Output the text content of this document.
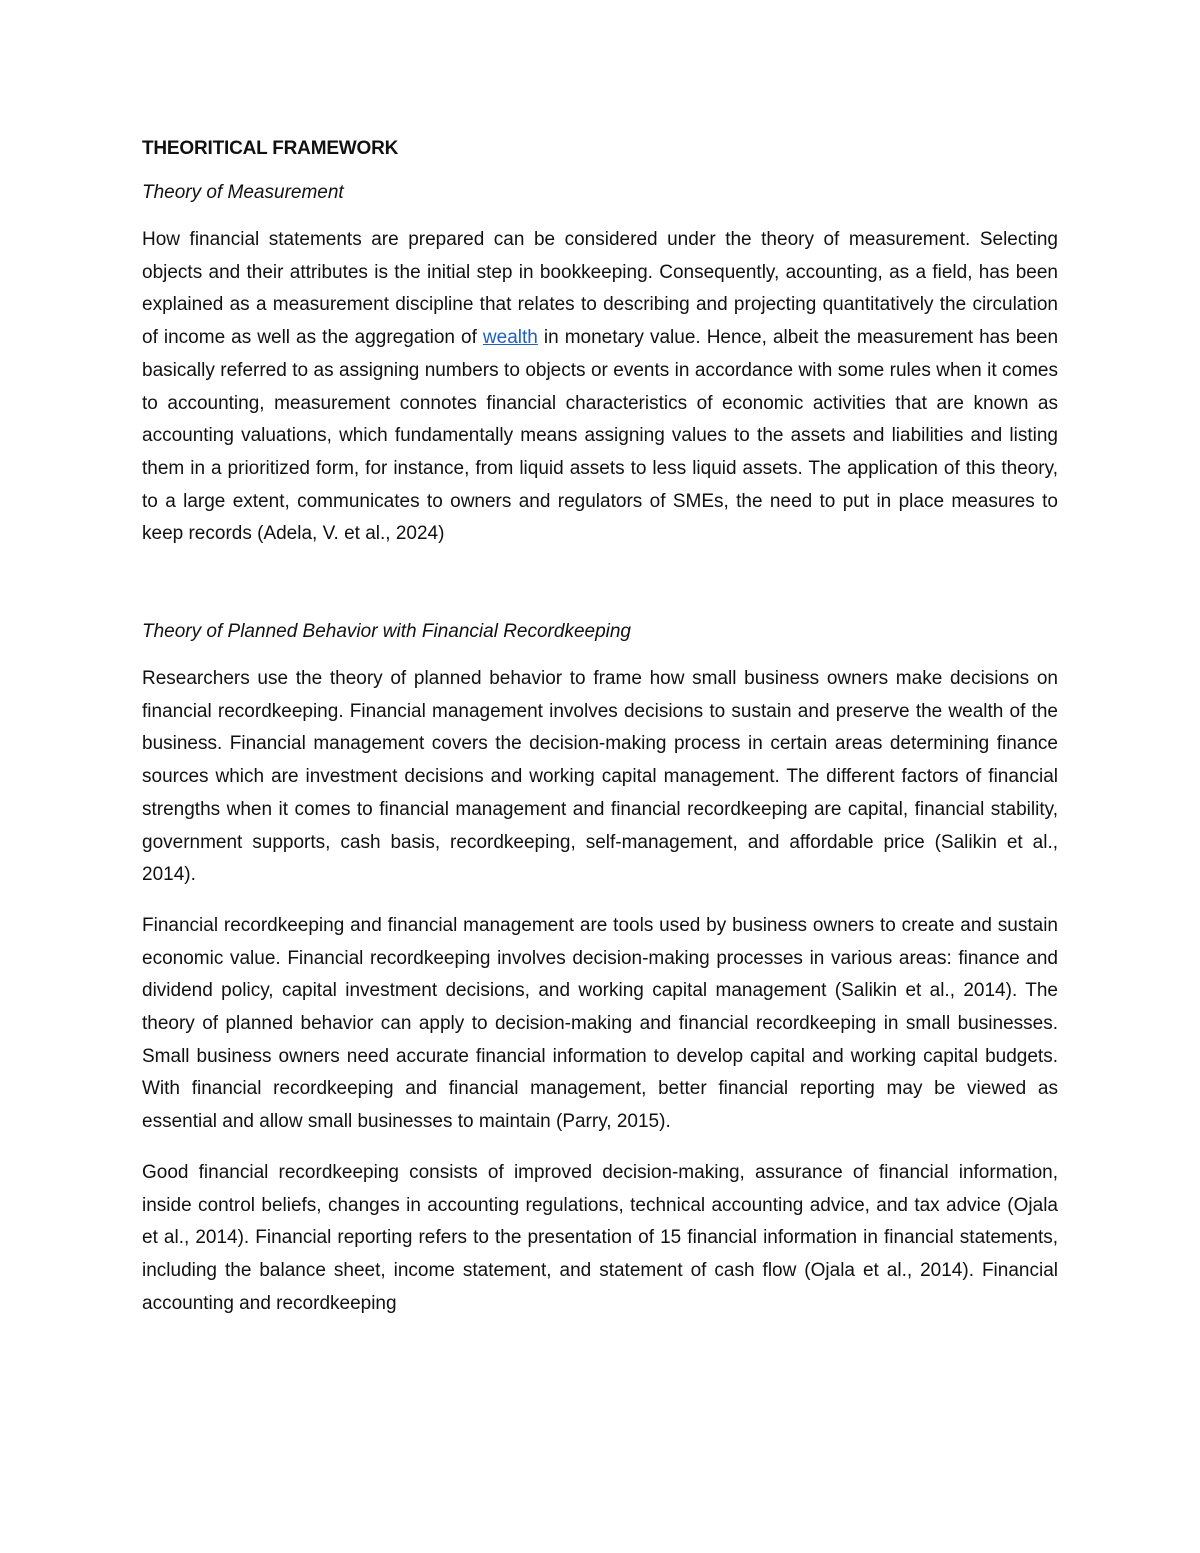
THEORITICAL FRAMEWORK
Theory of Measurement

How financial statements are prepared can be considered under the theory of measurement. Selecting objects and their attributes is the initial step in bookkeeping. Consequently, accounting, as a field, has been explained as a measurement discipline that relates to describing and projecting quantitatively the circulation of income as well as the aggregation of wealth in monetary value. Hence, albeit the measurement has been basically referred to as assigning numbers to objects or events in accordance with some rules when it comes to accounting, measurement connotes financial characteristics of economic activities that are known as accounting valuations, which fundamentally means assigning values to the assets and liabilities and listing them in a prioritized form, for instance, from liquid assets to less liquid assets. The application of this theory, to a large extent, communicates to owners and regulators of SMEs, the need to put in place measures to keep records (Adela, V. et al., 2024)

Theory of Planned Behavior with Financial Recordkeeping

Researchers use the theory of planned behavior to frame how small business owners make decisions on financial recordkeeping. Financial management involves decisions to sustain and preserve the wealth of the business. Financial management covers the decision-making process in certain areas determining finance sources which are investment decisions and working capital management. The different factors of financial strengths when it comes to financial management and financial recordkeeping are capital, financial stability, government supports, cash basis, recordkeeping, self-management, and affordable price (Salikin et al., 2014).

Financial recordkeeping and financial management are tools used by business owners to create and sustain economic value. Financial recordkeeping involves decision-making processes in various areas: finance and dividend policy, capital investment decisions, and working capital management (Salikin et al., 2014). The theory of planned behavior can apply to decision-making and financial recordkeeping in small businesses. Small business owners need accurate financial information to develop capital and working capital budgets. With financial recordkeeping and financial management, better financial reporting may be viewed as essential and allow small businesses to maintain (Parry, 2015).

Good financial recordkeeping consists of improved decision-making, assurance of financial information, inside control beliefs, changes in accounting regulations, technical accounting advice, and tax advice (Ojala et al., 2014). Financial reporting refers to the presentation of 15 financial information in financial statements, including the balance sheet, income statement, and statement of cash flow (Ojala et al., 2014). Financial accounting and recordkeeping
